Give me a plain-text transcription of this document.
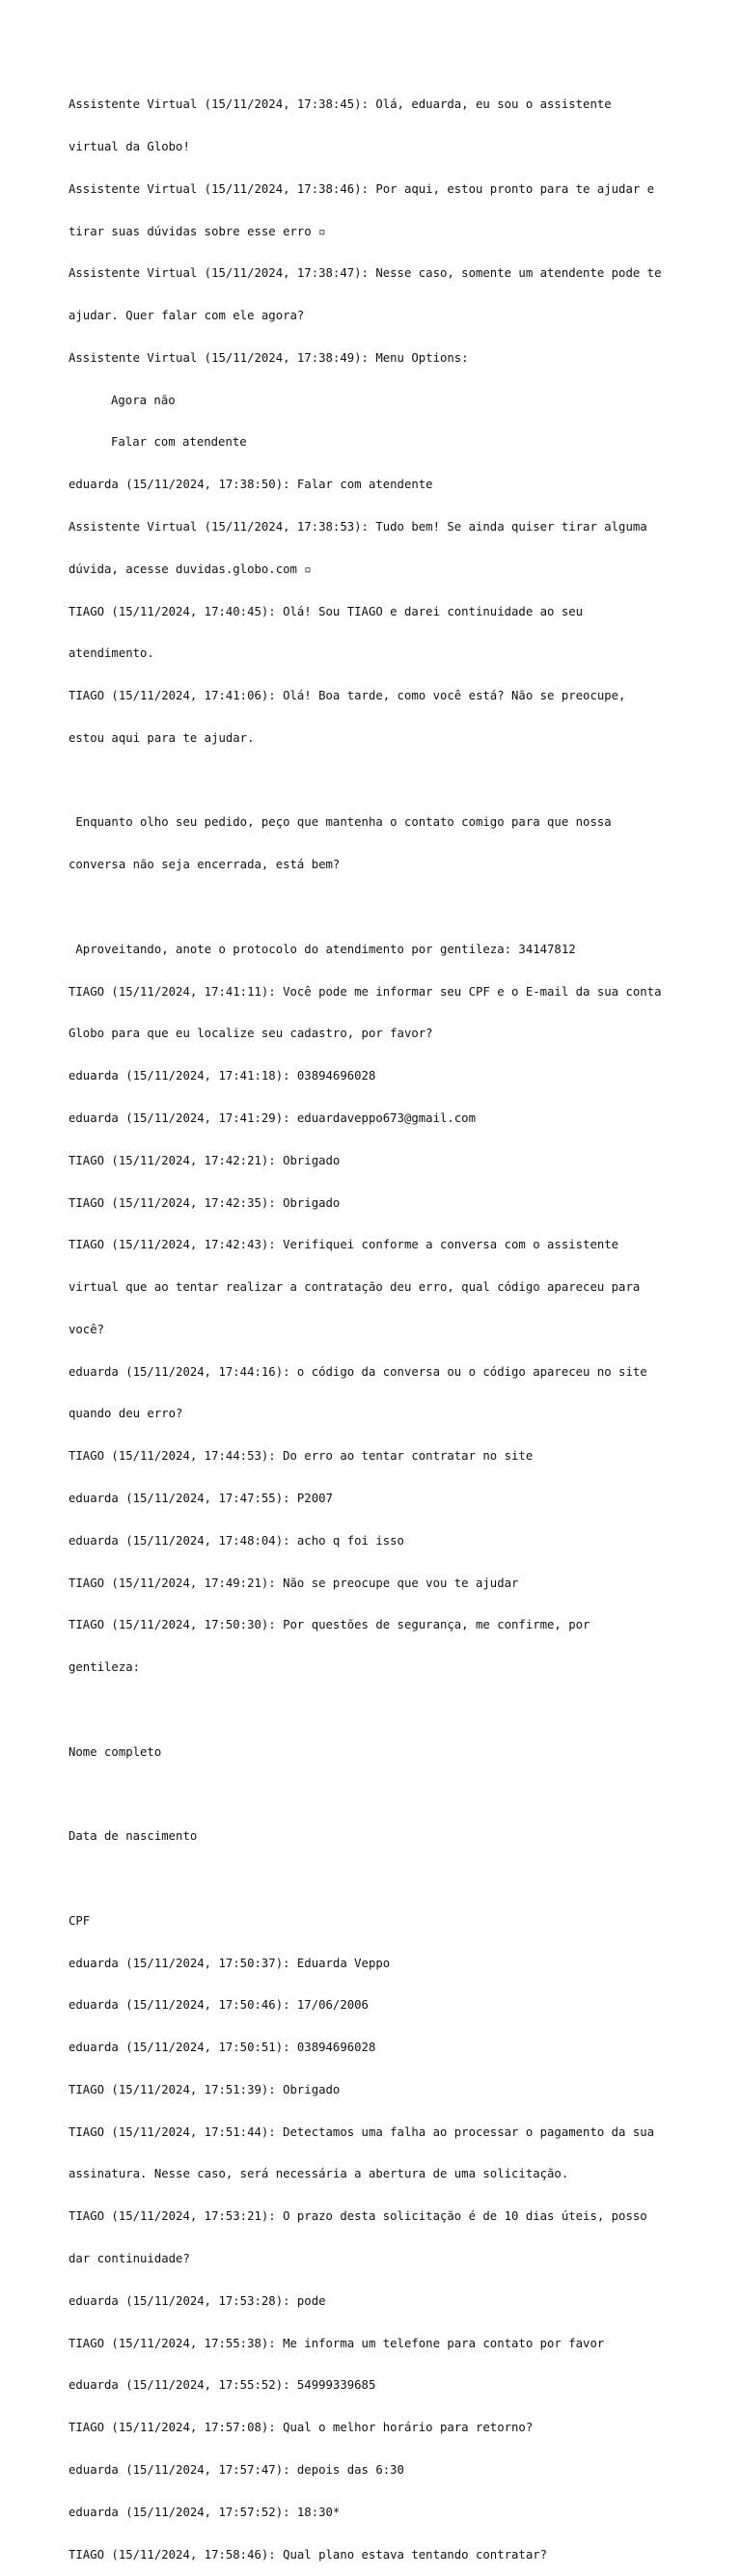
Assistente Virtual (15/11/2024, 17:38:45): Olá, eduarda, eu sou o assistente

virtual da Globo!

Assistente Virtual (15/11/2024, 17:38:46): Por aqui, estou pronto para te ajudar e

tirar suas dúvidas sobre esse erro ▫

Assistente Virtual (15/11/2024, 17:38:47): Nesse caso, somente um atendente pode te

ajudar. Quer falar com ele agora?

Assistente Virtual (15/11/2024, 17:38:49): Menu Options:

Agora não

Falar com atendente

eduarda (15/11/2024, 17:38:50): Falar com atendente

Assistente Virtual (15/11/2024, 17:38:53): Tudo bem! Se ainda quiser tirar alguma

dúvida, acesse duvidas.globo.com ▫

TIAGO (15/11/2024, 17:40:45): Olá! Sou TIAGO e darei continuidade ao seu

atendimento.

TIAGO (15/11/2024, 17:41:06): Olá! Boa tarde, como você está? Não se preocupe,

estou aqui para te ajudar.

Enquanto olho seu pedido, peço que mantenha o contato comigo para que nossa

conversa não seja encerrada, está bem?

Aproveitando, anote o protocolo do atendimento por gentileza: 34147812

TIAGO (15/11/2024, 17:41:11): Você pode me informar seu CPF e o E-mail da sua conta

Globo para que eu localize seu cadastro, por favor?

eduarda (15/11/2024, 17:41:18): 03894696028

eduarda (15/11/2024, 17:41:29): eduardaveppo673@gmail.com

TIAGO (15/11/2024, 17:42:21): Obrigado

TIAGO (15/11/2024, 17:42:35): Obrigado

TIAGO (15/11/2024, 17:42:43): Verifiquei conforme a conversa com o assistente

virtual que ao tentar realizar a contratação deu erro, qual código apareceu para

você?

eduarda (15/11/2024, 17:44:16): o código da conversa ou o código apareceu no site

quando deu erro?

TIAGO (15/11/2024, 17:44:53): Do erro ao tentar contratar no site

eduarda (15/11/2024, 17:47:55): P2007

eduarda (15/11/2024, 17:48:04): acho q foi isso

TIAGO (15/11/2024, 17:49:21): Não se preocupe que vou te ajudar

TIAGO (15/11/2024, 17:50:30): Por questões de segurança, me confirme, por

gentileza:

Nome completo

Data de nascimento

CPF

eduarda (15/11/2024, 17:50:37): Eduarda Veppo

eduarda (15/11/2024, 17:50:46): 17/06/2006

eduarda (15/11/2024, 17:50:51): 03894696028

TIAGO (15/11/2024, 17:51:39): Obrigado

TIAGO (15/11/2024, 17:51:44): Detectamos uma falha ao processar o pagamento da sua

assinatura. Nesse caso, será necessária a abertura de uma solicitação.

TIAGO (15/11/2024, 17:53:21): O prazo desta solicitação é de 10 dias úteis, posso

dar continuidade?

eduarda (15/11/2024, 17:53:28): pode

TIAGO (15/11/2024, 17:55:38): Me informa um telefone para contato por favor

eduarda (15/11/2024, 17:55:52): 54999339685

TIAGO (15/11/2024, 17:57:08): Qual o melhor horário para retorno?

eduarda (15/11/2024, 17:57:47): depois das 6:30

eduarda (15/11/2024, 17:57:52): 18:30*

TIAGO (15/11/2024, 17:58:46): Qual plano estava tentando contratar?
